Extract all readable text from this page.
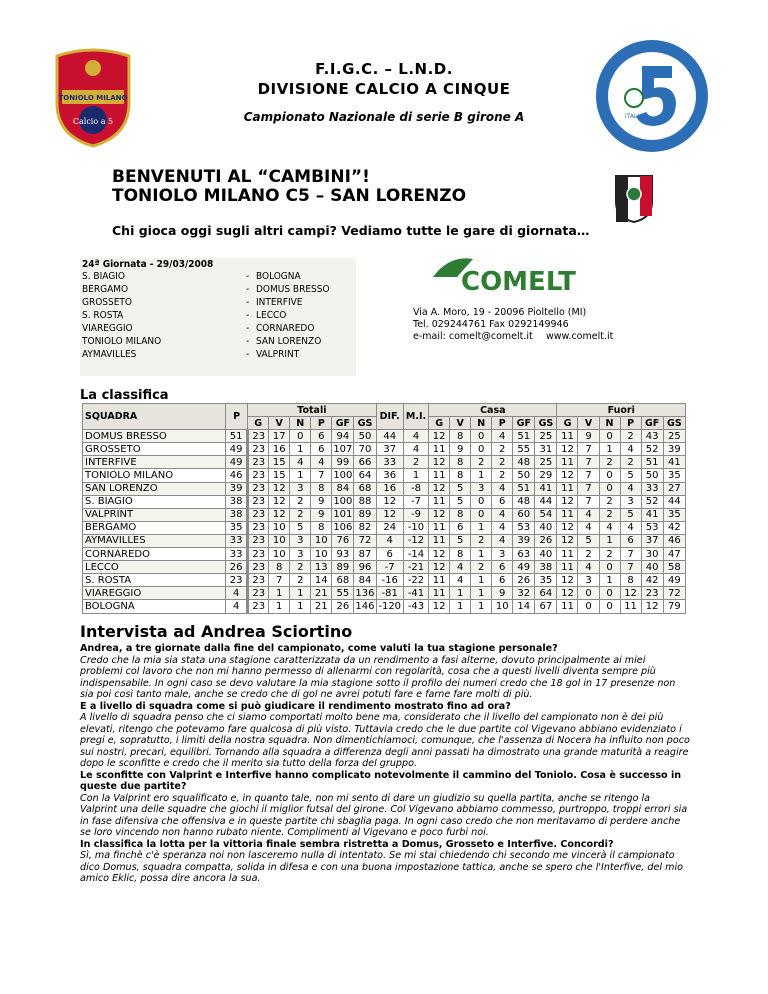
TONIOLO MILANO
Calcio a 5
ITALIA
F.I.G.C. – L.N.D.
DIVISIONE CALCIO A CINQUE
Campionato Nazionale di serie B girone A
BENVENUTI AL “CAMBINI”!
TONIOLO MILANO C5 – SAN LORENZO
Chi gioca oggi sugli altri campi? Vediamo tutte le gare di giornata…
24ª Giornata - 29/03/2008
S. BIAGIO	- BOLOGNA
BERGAMO	- DOMUS BRESSO
GROSSETO	- INTERFIVE
S. ROSTA	- LECCO
VIAREGGIO	- CORNAREDO
TONIOLO MILANO	- SAN LORENZO
AYMAVILLES	- VALPRINT
COMELT
Via A. Moro, 19 - 20096 Pioltello (MI)
Tel. 029244761 Fax 0292149946
e-mail: comelt@comelt.it www.comelt.it
La classifica
SQUADRA	P	Totali						DIF.	M.I.	Casa						Fuori					
		G	V	N	P	GF	GS			G	V	N	P	GF	GS	G	V	N	P	GF	GS
DOMUS BRESSO	51	23	17	0	6	94	50	44	4	12	8	0	4	51	25	11	9	0	2	43	25
GROSSETO	49	23	16	1	6	107	70	37	4	11	9	0	2	55	31	12	7	1	4	52	39
INTERFIVE	49	23	15	4	4	99	66	33	2	12	8	2	2	48	25	11	7	2	2	51	41
TONIOLO MILANO	46	23	15	1	7	100	64	36	1	11	8	1	2	50	29	12	7	0	5	50	35
SAN LORENZO	39	23	12	3	8	84	68	16	-8	12	5	3	4	51	41	11	7	0	4	33	27
S. BIAGIO	38	23	12	2	9	100	88	12	-7	11	5	0	6	48	44	12	7	2	3	52	44
VALPRINT	38	23	12	2	9	101	89	12	-9	12	8	0	4	60	54	11	4	2	5	41	35
BERGAMO	35	23	10	5	8	106	82	24	-10	11	6	1	4	53	40	12	4	4	4	53	42
AYMAVILLES	33	23	10	3	10	76	72	4	-12	11	5	2	4	39	26	12	5	1	6	37	46
CORNAREDO	33	23	10	3	10	93	87	6	-14	12	8	1	3	63	40	11	2	2	7	30	47
LECCO	26	23	8	2	13	89	96	-7	-21	12	4	2	6	49	38	11	4	0	7	40	58
S. ROSTA	23	23	7	2	14	68	84	-16	-22	11	4	1	6	26	35	12	3	1	8	42	49
VIAREGGIO	4	23	1	1	21	55	136	-81	-41	11	1	1	9	32	64	12	0	0	12	23	72
BOLOGNA	4	23	1	1	21	26	146	-120	-43	12	1	1	10	14	67	11	0	0	11	12	79
Intervista ad Andrea Sciortino

Andrea, a tre giornate dalla fine del campionato, come valuti la tua stagione personale?

Credo che la mia sia stata una stagione caratterizzata da un rendimento a fasi alterne, dovuto principalmente ai miei problemi col lavoro che non mi hanno permesso di allenarmi con regolarità, cosa che a questi livelli diventa sempre più indispensabile. In ogni caso se devo valutare la mia stagione sotto il profilo dei numeri credo che 18 gol in 17 presenze non sia poi così tanto male, anche se credo che di gol ne avrei potuti fare e farne fare molti di più.

E a livello di squadra come si può giudicare il rendimento mostrato fino ad ora?

A livello di squadra penso che ci siamo comportati molto bene ma, considerato che il livello del campionato non è dei più elevati, ritengo che potevamo fare qualcosa di più visto. Tuttavia credo che le due partite col Vigevano abbiano evidenziato i pregi e, sopratutto, i limiti della nostra squadra. Non dimentichiamoci, comunque, che l'assenza di Nocera ha influito non poco sui nostri, precari, equilibri. Tornando alla squadra a differenza degli anni passati ha dimostrato una grande maturità a reagire dopo le sconfitte e credo che il merito sia tutto della forza del gruppo.

Le sconfitte con Valprint e Interfive hanno complicato notevolmente il cammino del Toniolo. Cosa è successo in queste due partite?

Con la Valprint ero squalificato e, in quanto tale, non mi sento di dare un giudizio su quella partita, anche se ritengo la Valprint una delle squadre che giochi il miglior futsal del girone. Col Vigevano abbiamo commesso, purtroppo, troppi errori sia in fase difensiva che offensiva e in queste partite chi sbaglia paga. In ogni caso credo che non meritavamo di perdere anche se loro vincendo non hanno rubato niente. Complimenti al Vigevano e poco furbi noi.

In classifica la lotta per la vittoria finale sembra ristretta a Domus, Grosseto e Interfive. Concordi?

Sì, ma finchè c'è speranza noi non lasceremo nulla di intentato. Se mi stai chiedendo chi secondo me vincerà il campionato dico Domus, squadra compatta, solida in difesa e con una buona impostazione tattica, anche se spero che l'Interfive, del mio amico Eklic, possa dire ancora la sua.
